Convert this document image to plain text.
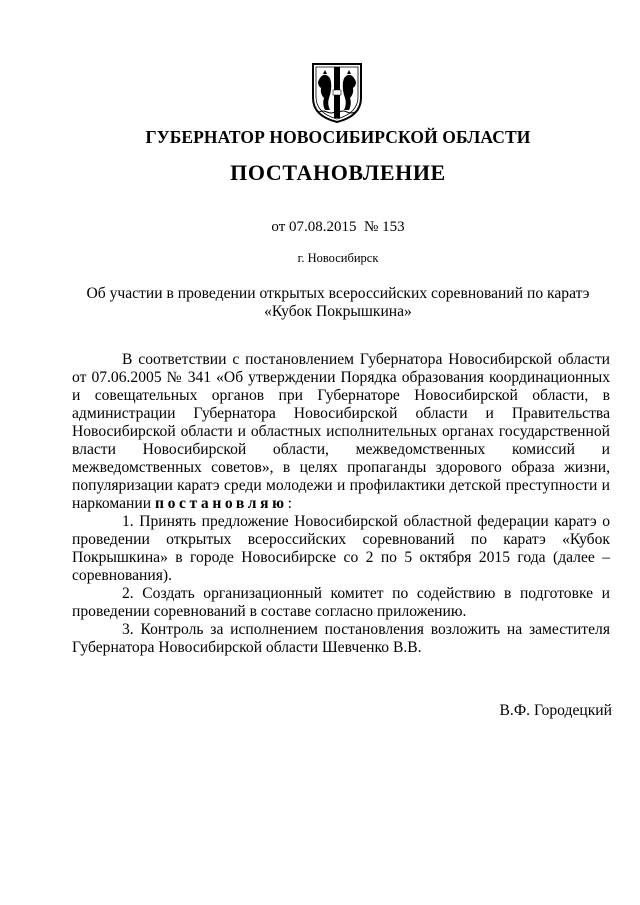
ГУБЕРНАТОР НОВОСИБИРСКОЙ ОБЛАСТИ
ПОСТАНОВЛЕНИЕ
от 07.08.2015  № 153
г. Новосибирск
Об участии в проведении открытых всероссийских соревнований по каратэ
«Кубок Покрышкина»

В соответствии с постановлением Губернатора Новосибирской области от 07.06.2005 № 341 «Об утверждении Порядка образования координационных и совещательных органов при Губернаторе Новосибирской области, в администрации Губернатора Новосибирской области и Правительства Новосибирской области и областных исполнительных органах государственной власти Новосибирской области, межведомственных комиссий и межведомственных советов», в целях пропаганды здорового образа жизни, популяризации каратэ среди молодежи и профилактики детской преступности и наркомании постановляю:

1. Принять предложение Новосибирской областной федерации каратэ о проведении открытых всероссийских соревнований по каратэ «Кубок Покрышкина» в городе Новосибирске со 2 по 5 октября 2015 года (далее – соревнования).

2. Создать организационный комитет по содействию в подготовке и проведении соревнований в составе согласно приложению.

3. Контроль за исполнением постановления возложить на заместителя Губернатора Новосибирской области Шевченко В.В.

В.Ф. Городецкий
